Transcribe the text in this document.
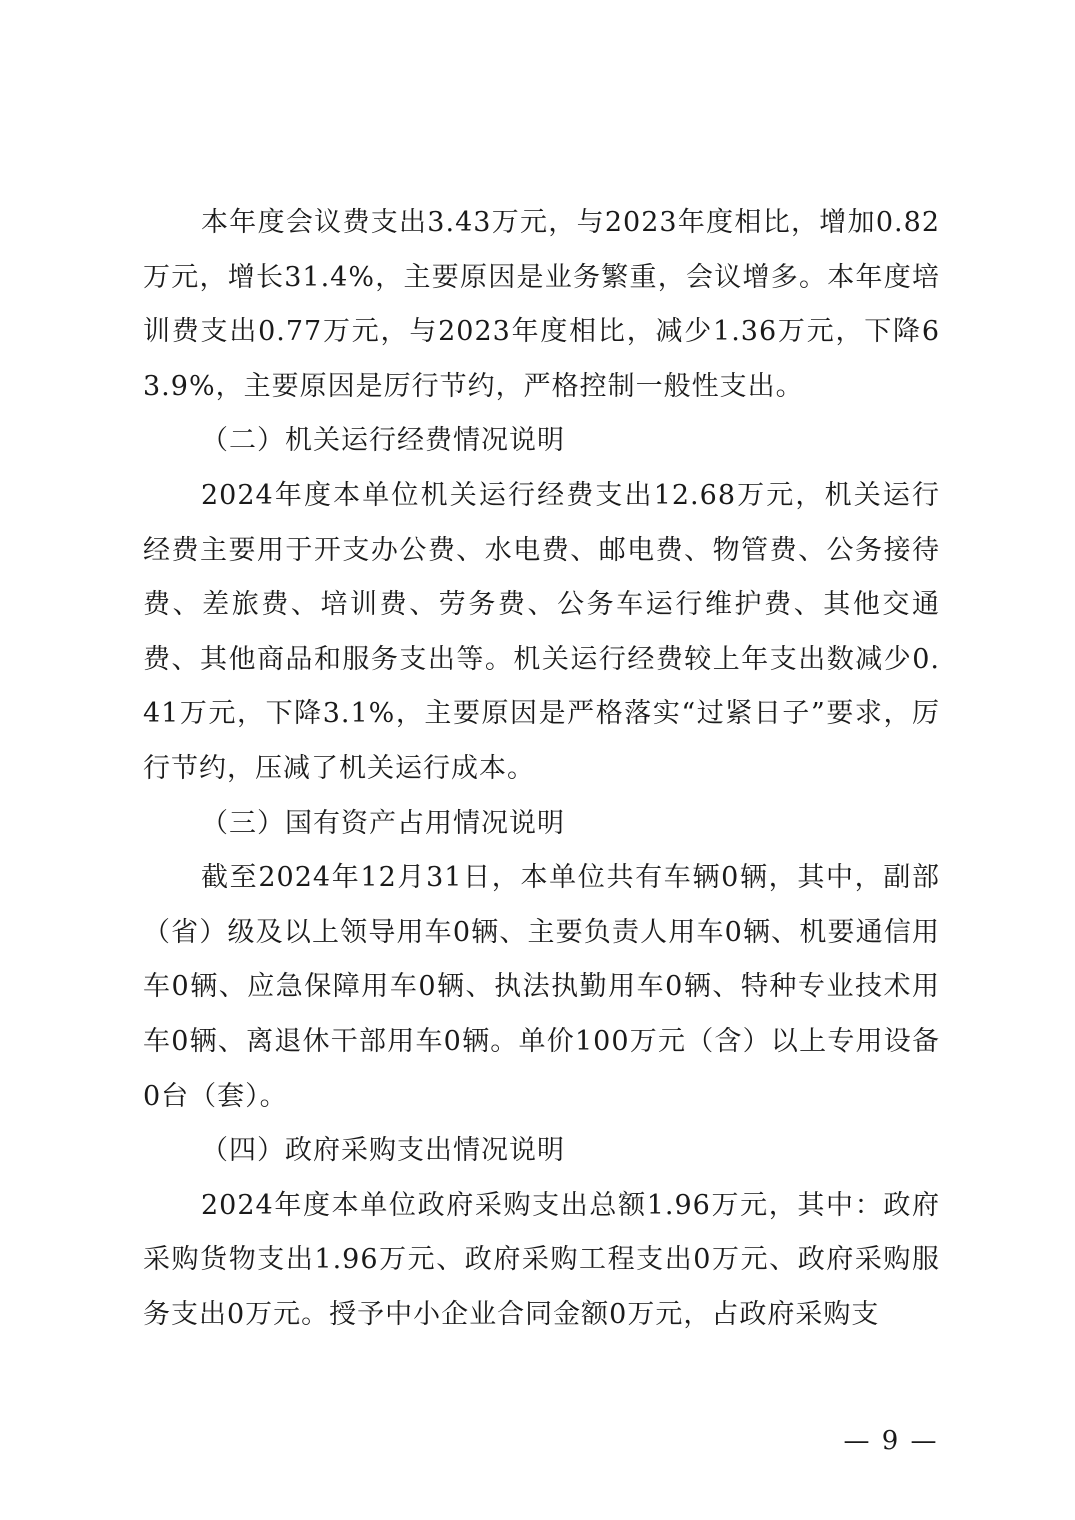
本年度会议费支出3.43万元，与2023年度相比，增加0.82万元，增长31.4%，主要原因是业务繁重，会议增多。本年度培训费支出0.77万元，与2023年度相比，减少1.36万元，下降63.9%，主要原因是厉行节约，严格控制一般性支出。

（二）机关运行经费情况说明

2024年度本单位机关运行经费支出12.68万元，机关运行经费主要用于开支办公费、水电费、邮电费、物管费、公务接待费、差旅费、培训费、劳务费、公务车运行维护费、其他交通费、其他商品和服务支出等。机关运行经费较上年支出数减少0.41万元，下降3.1%，主要原因是严格落实“过紧日子”要求，厉行节约，压减了机关运行成本。

（三）国有资产占用情况说明

截至2024年12月31日，本单位共有车辆0辆，其中，副部（省）级及以上领导用车0辆、主要负责人用车0辆、机要通信用车0辆、应急保障用车0辆、执法执勤用车0辆、特种专业技术用车0辆、离退休干部用车0辆。单价100万元（含）以上专用设备0台（套）。

（四）政府采购支出情况说明

2024年度本单位政府采购支出总额1.96万元，其中：政府采购货物支出1.96万元、政府采购工程支出0万元、政府采购服务支出0万元。授予中小企业合同金额0万元，占政府采购支

— 9 —
